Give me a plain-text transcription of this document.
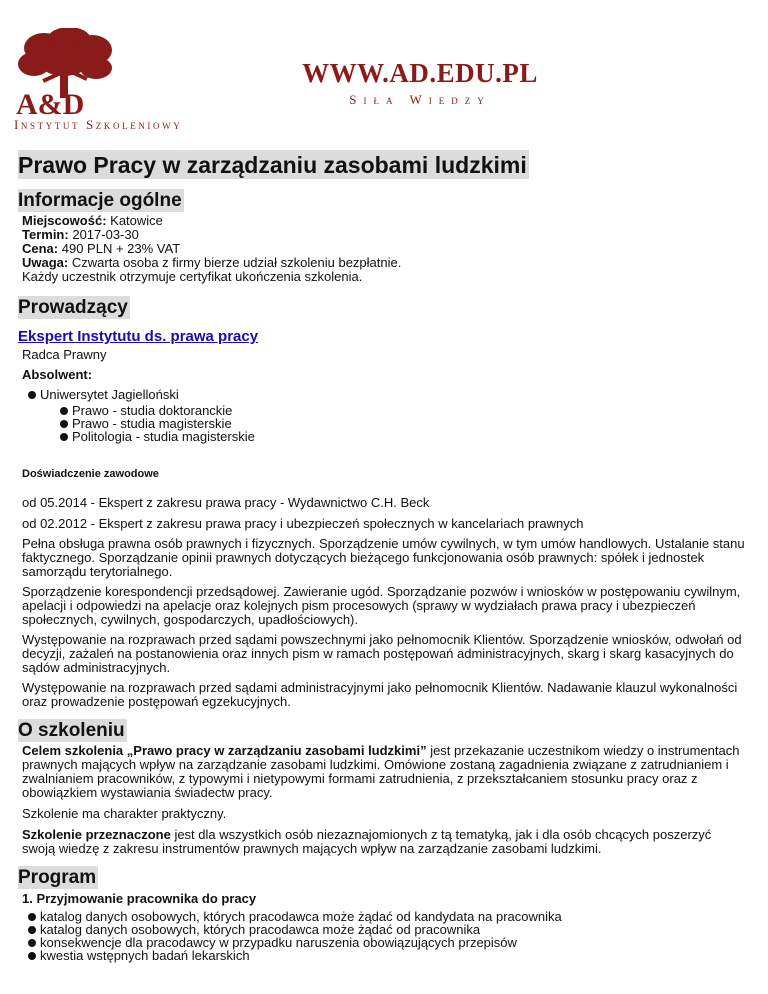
A&D
Instytut Szkoleniowy
WWW.AD.EDU.PL
Siła Wiedzy
Prawo Pracy w zarządzaniu zasobami ludzkimi
Informacje ogólne
Miejscowość: Katowice
Termin: 2017-03-30
Cena: 490 PLN + 23% VAT
Uwaga: Czwarta osoba z firmy bierze udział szkoleniu bezpłatnie.
Każdy uczestnik otrzymuje certyfikat ukończenia szkolenia.
Prowadzący
Ekspert Instytutu ds. prawa pracy
Radca Prawny
Absolwent:
Uniwersytet Jagielloński
Prawo - studia doktoranckie
Prawo - studia magisterskie
Politologia - studia magisterskie
Doświadczenie zawodowe

od 05.2014 - Ekspert z zakresu prawa pracy - Wydawnictwo C.H. Beck

od 02.2012 - Ekspert z zakresu prawa pracy i ubezpieczeń społecznych w kancelariach prawnych

Pełna obsługa prawna osób prawnych i fizycznych. Sporządzenie umów cywilnych, w tym umów handlowych. Ustalanie stanu faktycznego. Sporządzanie opinii prawnych dotyczących bieżącego funkcjonowania osób prawnych: spółek i jednostek samorządu terytorialnego.

Sporządzenie korespondencji przedsądowej. Zawieranie ugód. Sporządzanie pozwów i wniosków w postępowaniu cywilnym, apelacji i odpowiedzi na apelacje oraz kolejnych pism procesowych (sprawy w wydziałach prawa pracy i ubezpieczeń społecznych, cywilnych, gospodarczych, upadłościowych).

Występowanie na rozprawach przed sądami powszechnymi jako pełnomocnik Klientów. Sporządzenie wniosków, odwołań od decyzji, zażaleń na postanowienia oraz innych pism w ramach postępowań administracyjnych, skarg i skarg kasacyjnych do sądów administracyjnych.

Występowanie na rozprawach przed sądami administracyjnymi jako pełnomocnik Klientów. Nadawanie klauzul wykonalności oraz prowadzenie postępowań egzekucyjnych.

O szkoleniu

Celem szkolenia „Prawo pracy w zarządzaniu zasobami ludzkimi” jest przekazanie uczestnikom wiedzy o instrumentach prawnych mających wpływ na zarządzanie zasobami ludzkimi. Omówione zostaną zagadnienia związane z zatrudnianiem i zwalnianiem pracowników, z typowymi i nietypowymi formami zatrudnienia, z przekształcaniem stosunku pracy oraz z obowiązkiem wystawiania świadectw pracy.

Szkolenie ma charakter praktyczny.

Szkolenie przeznaczone jest dla wszystkich osób niezaznajomionych z tą tematyką, jak i dla osób chcących poszerzyć swoją wiedzę z zakresu instrumentów prawnych mających wpływ na zarządzanie zasobami ludzkimi.

Program
1. Przyjmowanie pracownika do pracy
katalog danych osobowych, których pracodawca może żądać od kandydata na pracownika
katalog danych osobowych, których pracodawca może żądać od pracownika
konsekwencje dla pracodawcy w przypadku naruszenia obowiązujących przepisów
kwestia wstępnych badań lekarskich
